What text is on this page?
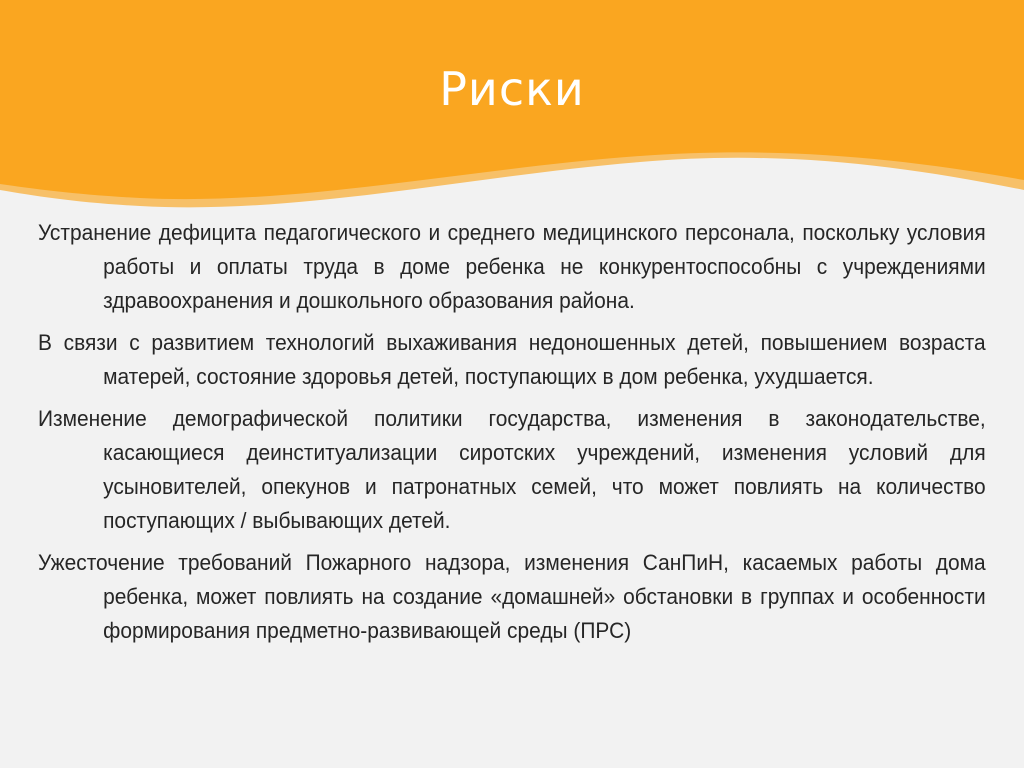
Риски

Устранение дефицита педагогического и среднего медицинского персонала, поскольку условия работы и оплаты труда в доме ребенка не конкурентоспособны с учреждениями здравоохранения и дошкольного образования района.

В связи с развитием технологий выхаживания недоношенных детей, повышением возраста матерей, состояние здоровья детей, поступающих в дом ребенка, ухудшается.

Изменение демографической политики государства, изменения в законодательстве, касающиеся деинституализации сиротских учреждений, изменения условий для усыновителей, опекунов и патронатных семей, что может повлиять на количество поступающих / выбывающих детей.

Ужесточение требований Пожарного надзора, изменения СанПиН, касаемых работы дома ребенка, может повлиять на создание «домашней» обстановки в группах и особенности формирования предметно-развивающей среды (ПРС)
